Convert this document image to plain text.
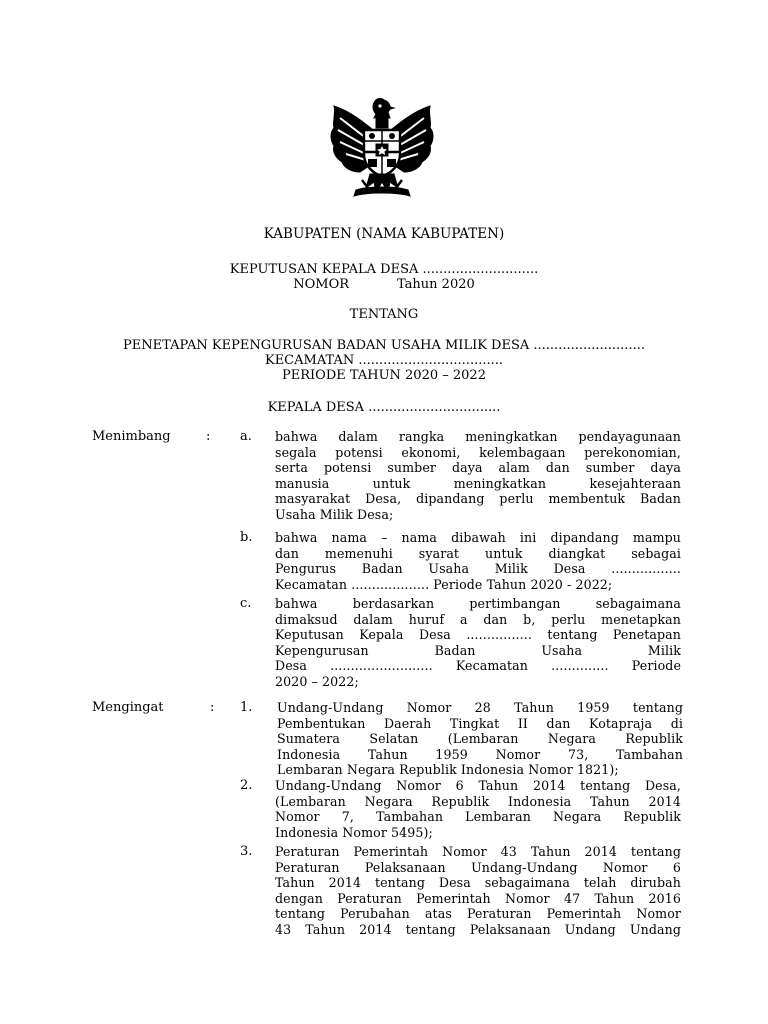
KABUPATEN (NAMA KABUPATEN)
KEPUTUSAN KEPALA DESA ............................
NOMOR	Tahun 2020
TENTANG
PENETAPAN KEPENGURUSAN BADAN USAHA MILIK DESA ...........................
KECAMATAN ...................................
PERIODE TAHUN 2020 – 2022
KEPALA DESA ................................
Menimbang	: a. bahwa dalam rangka meningkatkan pendayagunaan
segala potensi ekonomi, kelembagaan perekonomian,
serta potensi sumber daya alam dan sumber daya
manusia untuk meningkatkan kesejahteraan
masyarakat Desa, dipandang perlu membentuk Badan
Usaha Milik Desa;
b. bahwa nama – nama dibawah ini dipandang mampu
dan memenuhi syarat untuk diangkat sebagai
Pengurus Badan Usaha Milik Desa .................
Kecamatan ................... Periode Tahun 2020 - 2022;
c. bahwa berdasarkan pertimbangan sebagaimana
dimaksud dalam huruf a dan b, perlu menetapkan
Keputusan Kepala Desa ................ tentang Penetapan
Kepengurusan Badan Usaha Milik
Desa ......................... Kecamatan .............. Periode
2020 – 2022;
Mengingat	: 1. Undang-Undang Nomor 28 Tahun 1959 tentang
Pembentukan Daerah Tingkat II dan Kotapraja di
Sumatera Selatan (Lembaran Negara Republik
Indonesia Tahun 1959 Nomor 73, Tambahan
Lembaran Negara Republik Indonesia Nomor 1821);
2. Undang-Undang Nomor 6 Tahun 2014 tentang Desa,
(Lembaran Negara Republik Indonesia Tahun 2014
Nomor 7, Tambahan Lembaran Negara Republik
Indonesia Nomor 5495);
3. Peraturan Pemerintah Nomor 43 Tahun 2014 tentang
Peraturan Pelaksanaan Undang-Undang Nomor 6
Tahun 2014 tentang Desa sebagaimana telah dirubah
dengan Peraturan Pemerintah Nomor 47 Tahun 2016
tentang Perubahan atas Peraturan Pemerintah Nomor
43 Tahun 2014 tentang Pelaksanaan Undang Undang
